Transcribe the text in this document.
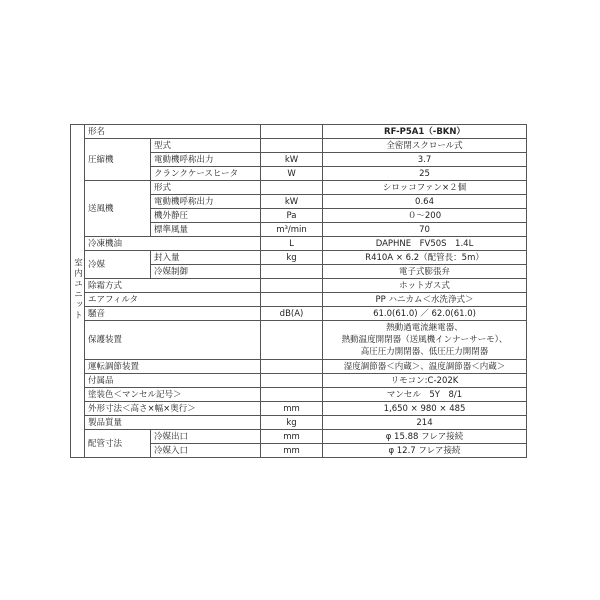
室内ユニット	形名			RF-P5A1（-BKN）
	圧縮機	型式		全密閉スクロール式
		電動機呼称出力	kW	3.7
		クランクケースヒータ	W	25
	送風機	形式		シロッコファン×２個
		電動機呼称出力	kW	0.64
		機外静圧	Pa	０～200
		標準風量	m³/min	70
	冷凍機油		L	DAPHNE　FV50S　1.4L
	冷媒	封入量	kg	R410A × 6.2（配管長：5m）
		冷媒制御		電子式膨張弁
	除霜方式			ホットガス式
	エアフィルタ			PP ハニカム＜水洗浄式＞
	騒音		dB(A)	61.0(61.0) ／ 62.0(61.0)
	保護装置			熱動過電流継電器、
熱動温度開閉器（送風機インナーサーモ）、
高圧圧力開閉器、低圧圧力開閉器

	運転調節装置			湿度調節器＜内蔵＞、温度調節器＜内蔵＞
	付属品			リモコン:C-202K
	塗装色＜マンセル記号＞			マンセル　5Y　8/1
	外形寸法＜高さ×幅×奥行＞		mm	1,650 × 980 × 485
	製品質量		kg	214
	配管寸法	冷媒出口	mm	φ 15.88 フレア接続
		冷媒入口	mm	φ 12.7 フレア接続
